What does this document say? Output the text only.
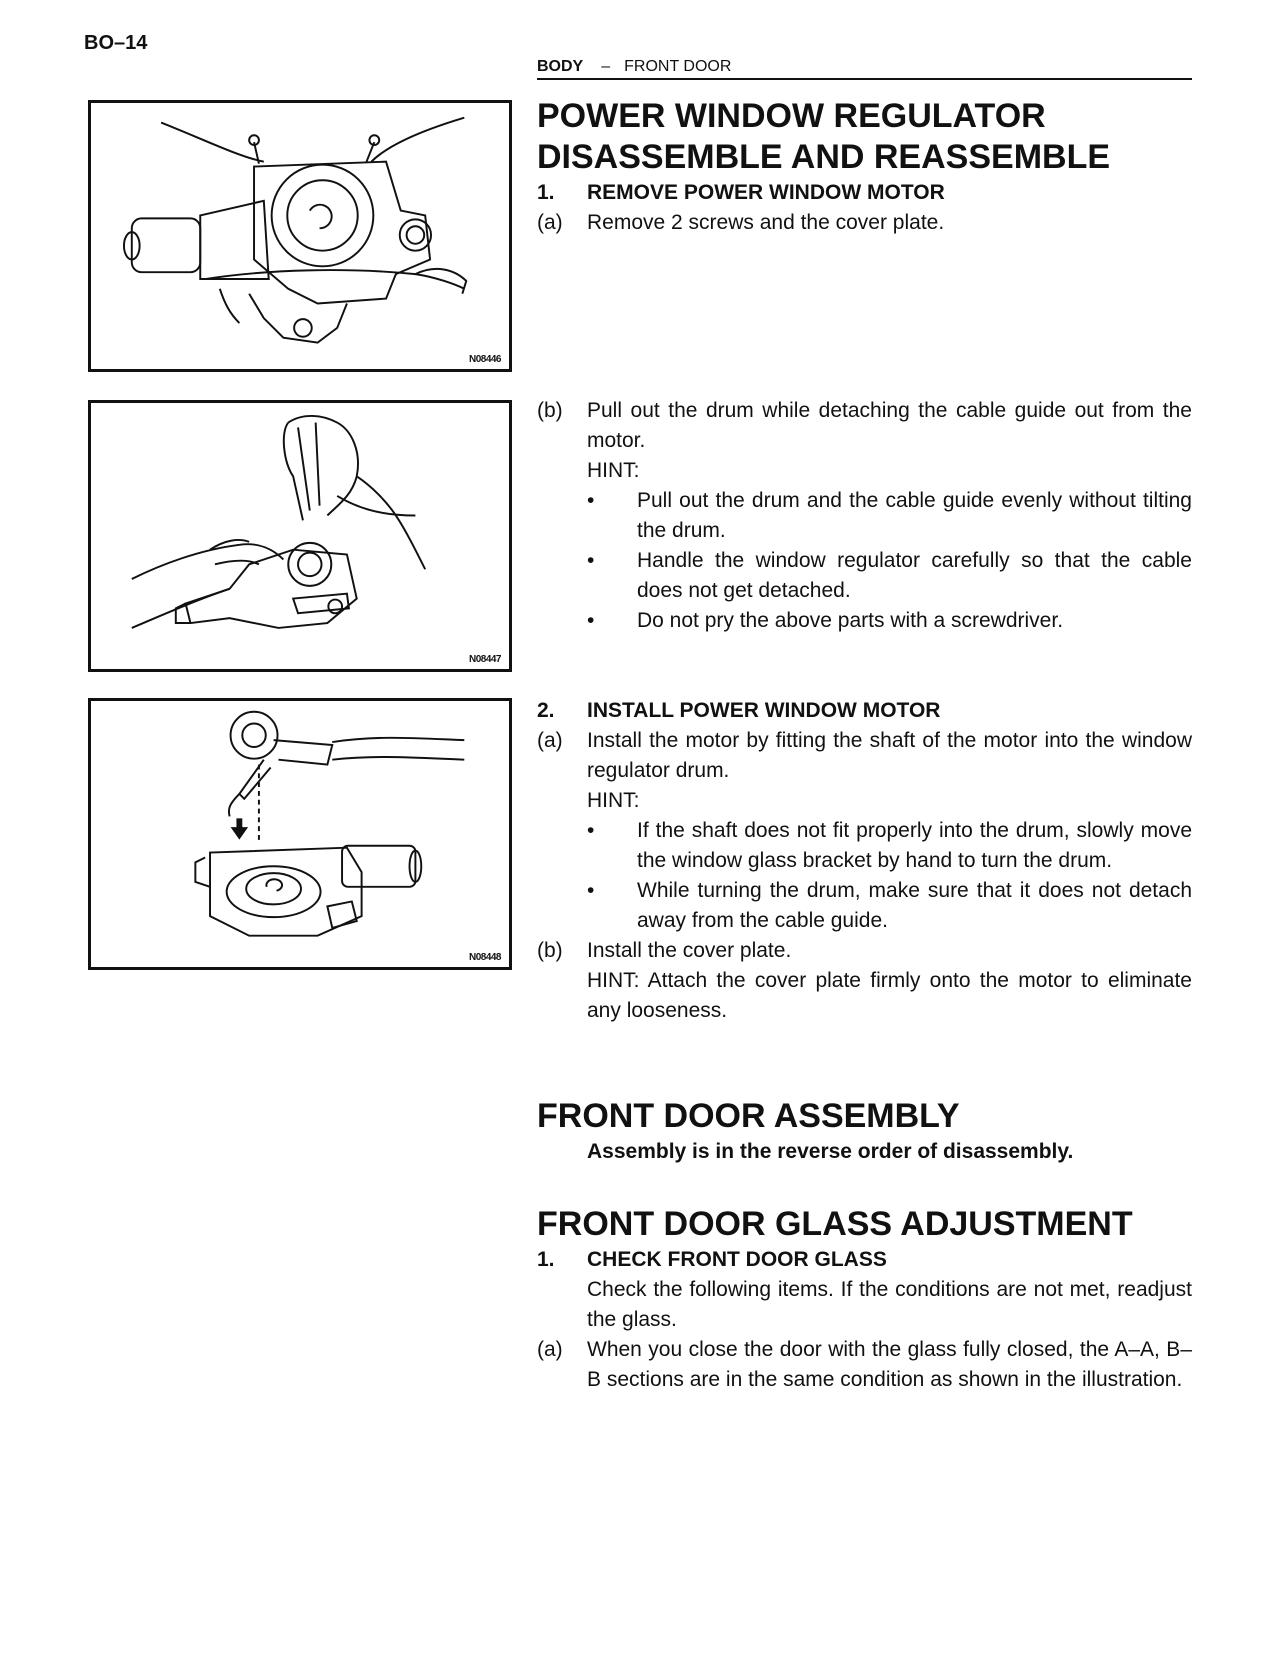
BO–14
BODY – FRONT DOOR
N08446
N08447
N08448
POWER WINDOW REGULATOR
DISASSEMBLE AND REASSEMBLE
1. REMOVE POWER WINDOW MOTOR
(a) Remove 2 screws and the cover plate.
(b) Pull out the drum while detaching the cable guide out from the motor.
HINT:
• Pull out the drum and the cable guide evenly without tilting the drum.
• Handle the window regulator carefully so that the cable does not get detached.
• Do not pry the above parts with a screwdriver.
2. INSTALL POWER WINDOW MOTOR
(a) Install the motor by fitting the shaft of the motor into the window regulator drum.
HINT:
• If the shaft does not fit properly into the drum, slowly move the window glass bracket by hand to turn the drum.
• While turning the drum, make sure that it does not detach away from the cable guide.
(b) Install the cover plate.
HINT: Attach the cover plate firmly onto the motor to eliminate any looseness.
FRONT DOOR ASSEMBLY
Assembly is in the reverse order of disassembly.
FRONT DOOR GLASS ADJUSTMENT
1. CHECK FRONT DOOR GLASS
Check the following items. If the conditions are not met, readjust the glass.
(a) When you close the door with the glass fully closed, the A–A, B–B sections are in the same condition as shown in the illustration.
